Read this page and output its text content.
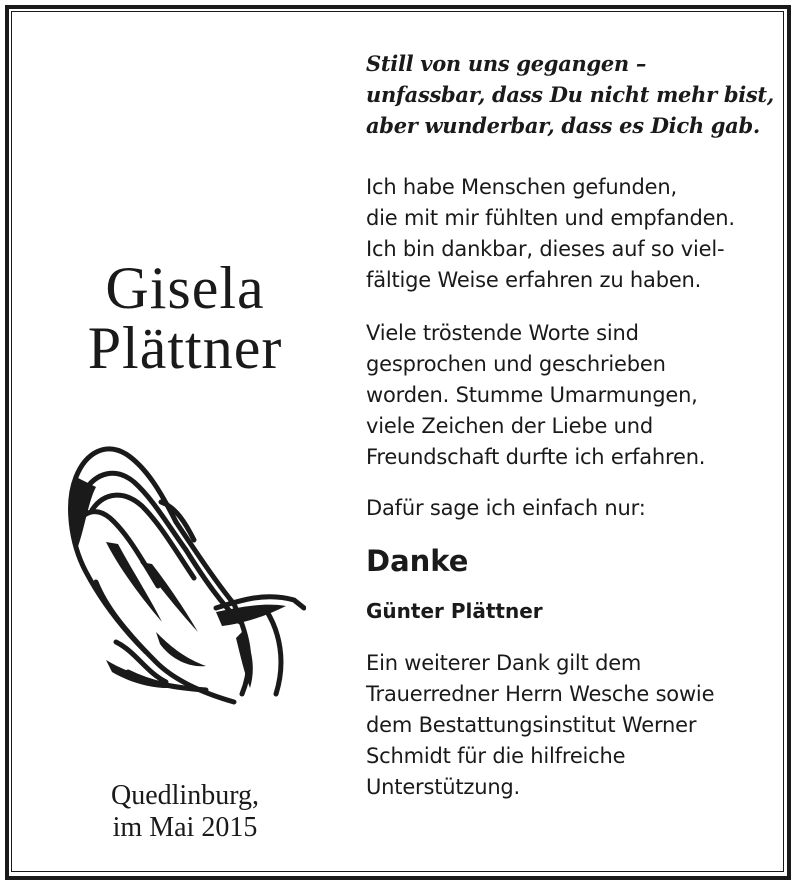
Gisela
Plättner
Quedlinburg,
im Mai 2015
Still von uns gegangen –
unfassbar, dass Du nicht mehr bist,
aber wunderbar, dass es Dich gab.
Ich habe Menschen gefunden,
die mit mir fühlten und empfanden.
Ich bin dankbar, dieses auf so viel-
fältige Weise erfahren zu haben.
Viele tröstende Worte sind
gesprochen und geschrieben
worden. Stumme Umarmungen,
viele Zeichen der Liebe und
Freundschaft durfte ich erfahren.
Dafür sage ich einfach nur:
Danke
Günter Plättner
Ein weiterer Dank gilt dem
Trauerredner Herrn Wesche sowie
dem Bestattungsinstitut Werner
Schmidt für die hilfreiche
Unterstützung.
